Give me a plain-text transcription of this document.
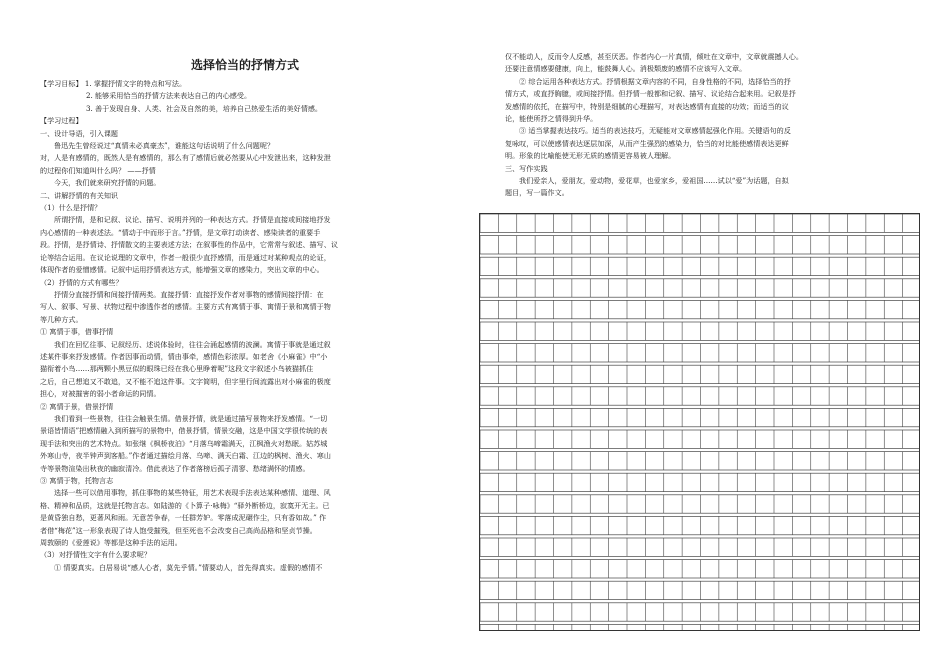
选择恰当的抒情方式

【学习目标】 1. 掌握抒情文字的特点和写法。

2. 能够采用恰当的抒情方法来表达自己的内心感受。

3. 善于发现自身、人类、社会及自然的美，培养自己热爱生活的美好情感。

【学习过程】

一、设计导语，引入课题

鲁迅先生曾经说过“真情未必真豪杰”，谁能这句话说明了什么问题呢？

对，人是有感情的，既然人是有感情的，那么有了感情后就必然要从心中发泄出来，这种发泄

的过程你们知道叫什么吗？ ——抒情

今天，我们就来研究抒情的问题。

二、讲解抒情的有关知识

（1）什么是抒情？

所谓抒情，是和记叙、议论、描写、说明并列的一种表达方式。抒情是直接或间接地抒发

内心感情的一种表述法。“情动于中而形于言。”抒情，是文章打动读者、感染读者的重要手

段。抒情，是抒情诗、抒情散文的主要表述方法；在叙事性的作品中，它常常与叙述、描写、议

论等结合运用。在议论说理的文章中，作者一般很少直抒感情，而是通过对某种观点的论证，

体现作者的爱憎感情。记叙中运用抒情表达方式，能增强文章的感染力，突出文章的中心。

（2）抒情的方式有哪些？

抒情分直接抒情和间接抒情两类。直接抒情：直接抒发作者对事物的感情间接抒情：在

写人、叙事、写景、状物过程中渗透作者的感情。主要方式有寓情于事、寓情于景和寓情于物

等几种方式。

① 寓情于事，借事抒情

我们在回忆往事、记叙经历、述说体验时，往往会涌起感情的波澜。寓情于事就是通过叙

述某件事来抒发感情。作者因事而动情，情由事牵，感情色彩浓厚。如老舍《小麻雀》中“小

猫衔着小鸟……那两颗小黑豆似的眼珠已经在我心里睁着呢”这段文字叙述小鸟被猫抓住

之后，自己想追又不敢追，又不能不追这件事。文字简明，但字里行间流露出对小麻雀的极度

担心，对被摧害的弱小者命运的同情。

② 寓情于景，借景抒情

我们看到一些景物，往往会触景生情。借景抒情，就是通过描写景物来抒发感情。“一切

景语皆情语”把感情融入到所描写的景物中，借景抒情，情景交融，这是中国文学很传统的表

现手法和突出的艺术特点。如张继《枫桥夜泊》“月落乌啼霜满天，江枫渔火对愁眠。姑苏城

外寒山寺，夜半钟声到客船。”作者通过描绘月落、乌啼、满天白霜、江边的枫树、渔火、寒山

寺等景物渲染出秋夜的幽寂清冷。借此表达了作者落榜后孤孑清寥、愁绪满怀的情感。

③ 寓情于物，托物言志

选择一些可以借用事物，抓住事物的某些特征，用艺术表现手法表达某种感情、道理、风

格、精神和品质，这就是托物言志。如陆游的《卜算子·咏梅》“驿外断桥边，寂寞开无主。已

是黄昏独自愁，更著风和雨。无意苦争春，一任群芳妒。零落成泥碾作尘，只有香如故。” 作

者借“梅花”这一形象表现了诗人饱受摧残，但至死也不会改变自己高尚品格和坚贞节操。

周敦颐的《爱莲说》等都是这种手法的运用。

（3）对抒情性文字有什么要求呢？

① 情要真实。白居易说“感人心者，莫先乎情。”情要动人，首先得真实。虚假的感情不

仅不能动人，反而令人反感，甚至厌恶。作者内心一片真情，倾吐在文章中，文章就震撼人心。

还要注意情感要健康，向上，能鼓舞人心。消极颓废的感情不应该写入文章。

② 综合运用各种表达方式。抒情根据文章内容的不同，自身性格的不同，选择恰当的抒

情方式，或直抒胸臆，或间接抒情。但抒情一般都和记叙、描写、议论结合起来用。记叙是抒

发感情的依托，在描写中，特别是细腻的心理描写，对表达感情有直接的功效；而适当的议

论，能使所抒之情得到升华。

③ 适当掌握表达技巧。适当的表达技巧，无疑能对文章感情起强化作用。关键语句的反

复咏叹，可以使感情表达逐层加深，从而产生强烈的感染力，恰当的对比能使感情表达更鲜

明。形象的比喻能使无形无质的感情更容易被人理解。

三、写作实践

我们爱亲人，爱朋友，爱动物，爱花草，也爱家乡，爱祖国……试以“爱”为话题，自拟

题目，写一篇作文。
